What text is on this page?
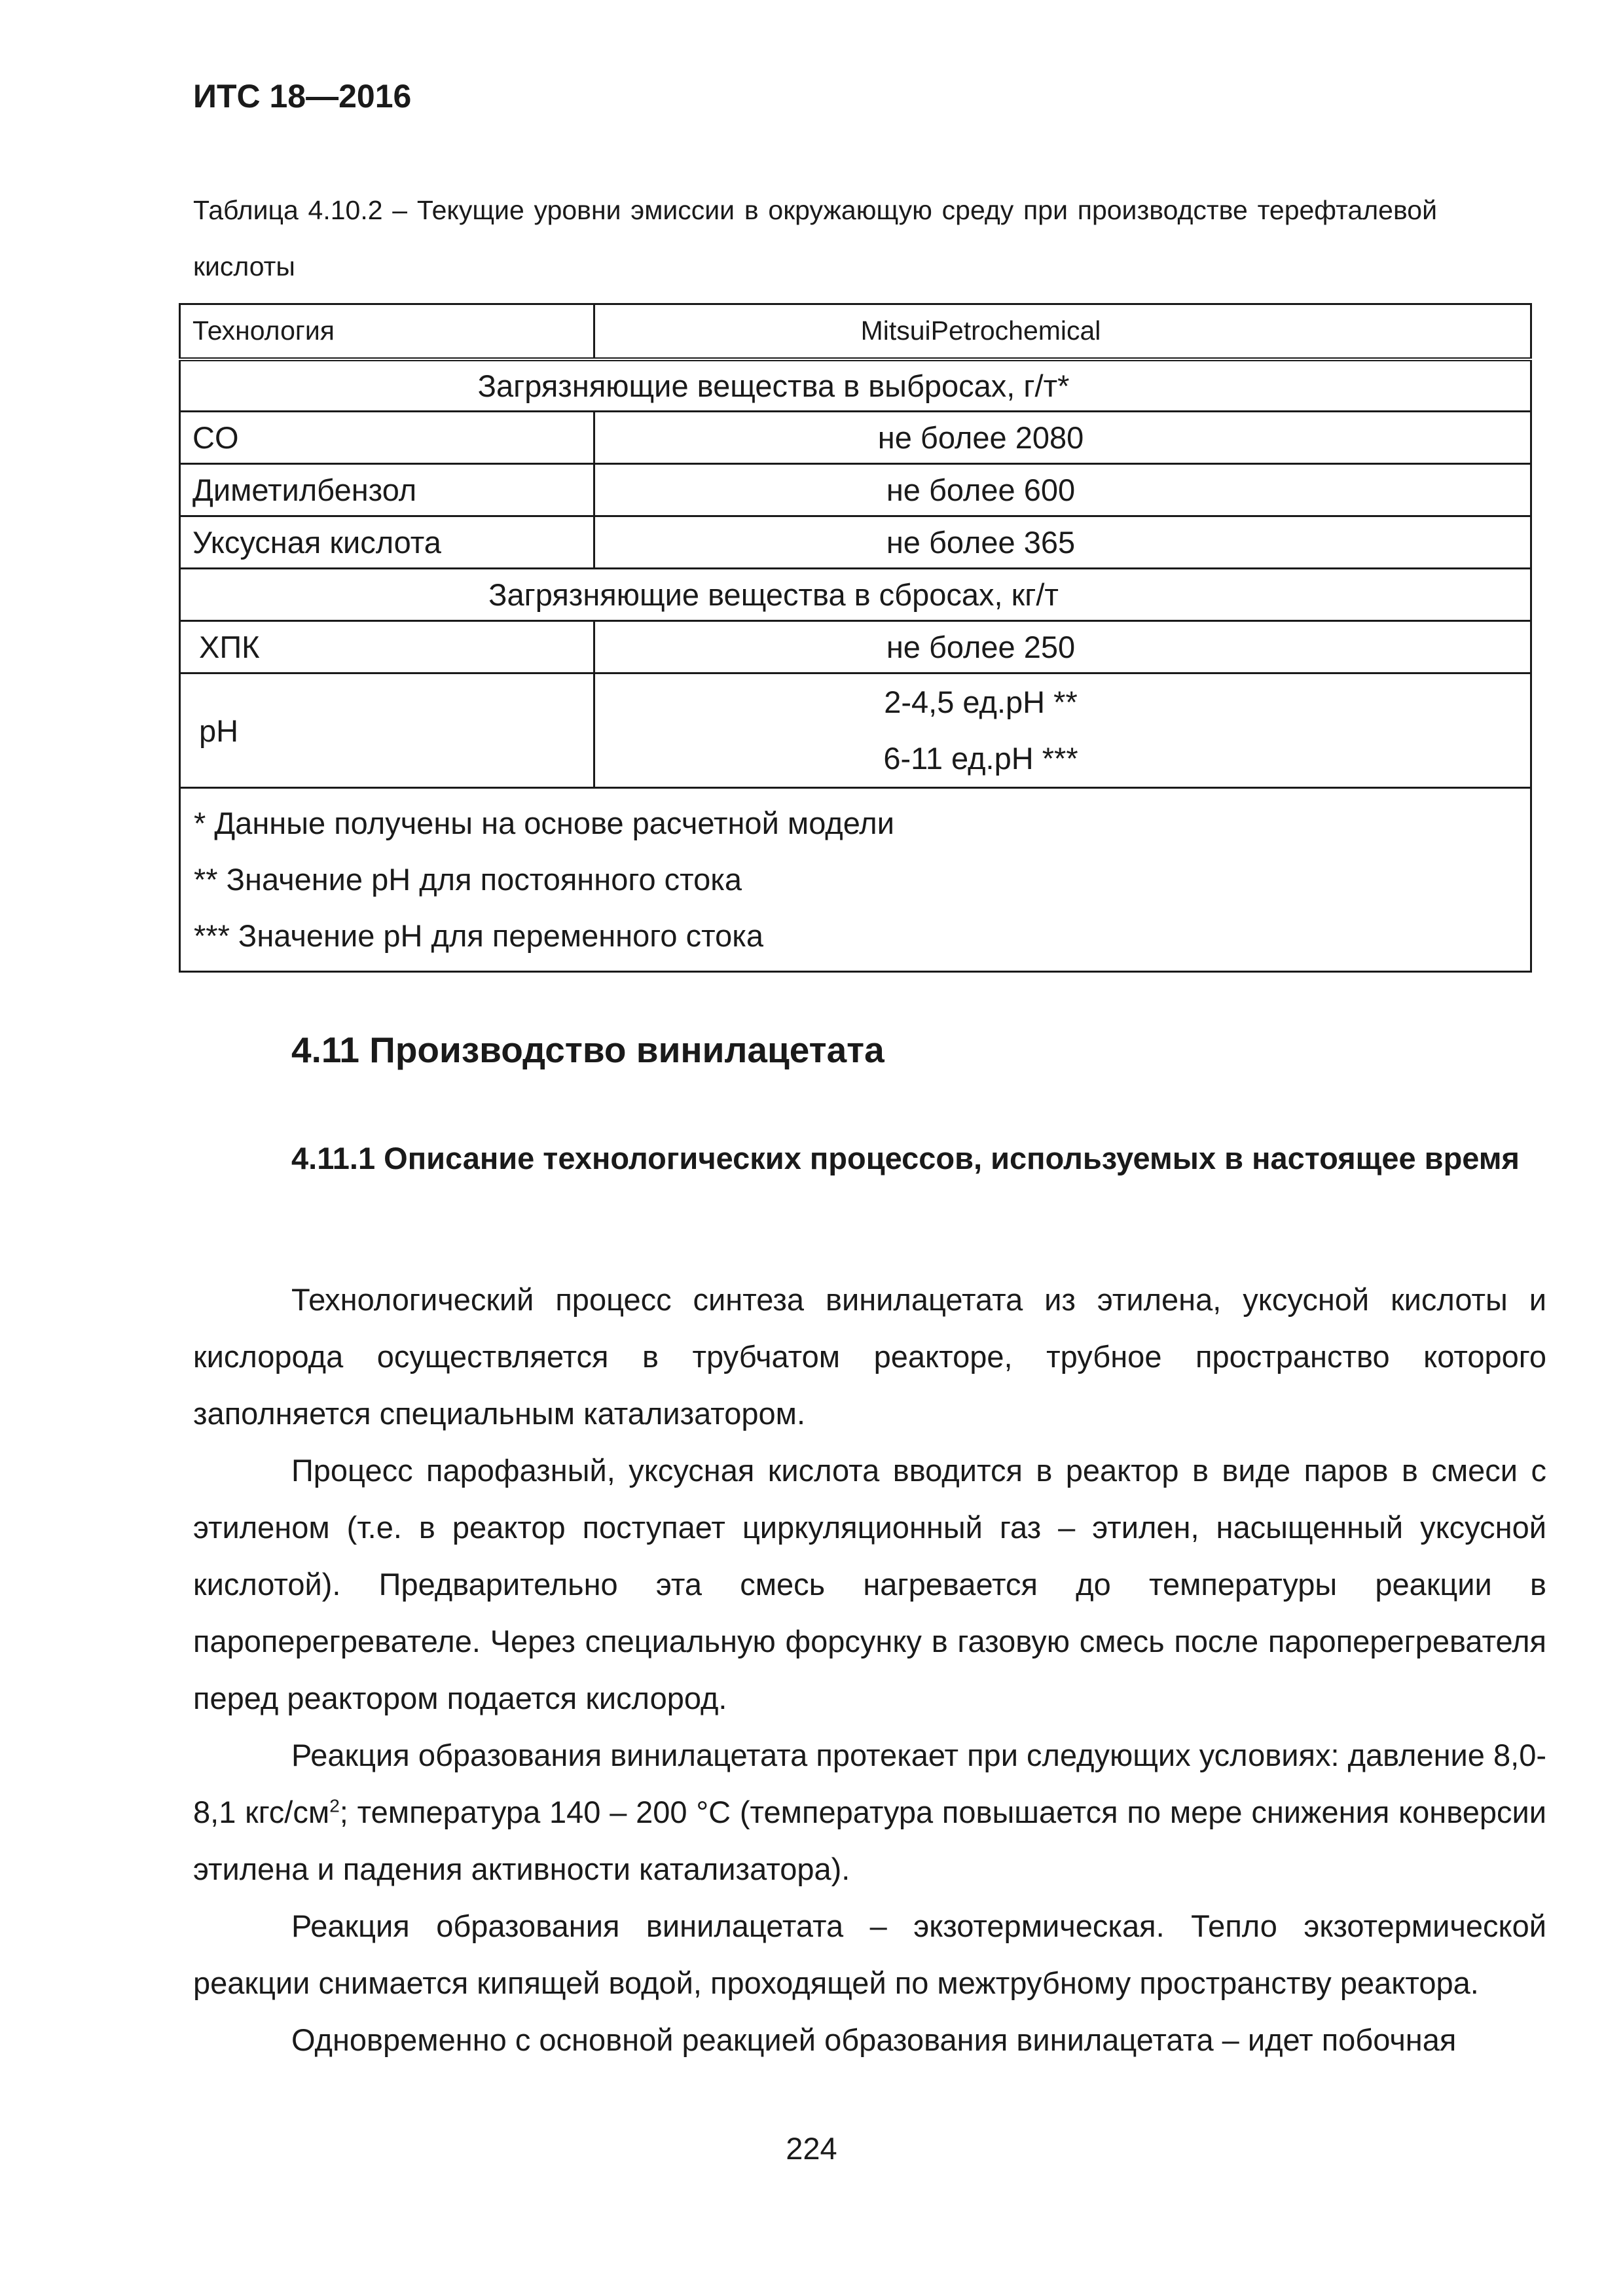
ИТС 18—2016
Таблица 4.10.2 – Текущие уровни эмиссии в окружающую среду при производстве терефталевой кислоты
Технология	MitsuiPetrochemical
Загрязняющие вещества в выбросах, г/т*	
CO	не более 2080
Диметилбензол	не более 600
Уксусная кислота	не более 365
Загрязняющие вещества в сбросах, кг/т	
ХПК	не более 250
pH	2-4,5 ед.pH **
6-11 ед.pH ***

* Данные получены на основе расчетной модели
** Значение pH для постоянного стока
*** Значение pH для переменного стока	
4.11 Производство винилацетата
4.11.1 Описание технологических процессов, используемых в настоящее время

Технологический процесс синтеза винилацетата из этилена, уксусной кислоты и кислорода осуществляется в трубчатом реакторе, трубное пространство которого заполняется специальным катализатором.

Процесс парофазный, уксусная кислота вводится в реактор в виде паров в смеси с этиленом (т.е. в реактор поступает циркуляционный газ – этилен, насыщенный уксусной кислотой). Предварительно эта смесь нагревается до температуры реакции в пароперегревателе. Через специальную форсунку в газовую смесь после пароперегревателя перед реактором подается кислород.

Реакция образования винилацетата протекает при следующих условиях: давление 8,0-8,1 кгс/$см^2$; температура 140 – 200 °С (температура повышается по мере снижения конверсии этилена и падения активности катализатора).

Реакция образования винилацетата – экзотермическая. Тепло экзотермической реакции снимается кипящей водой, проходящей по межтрубному пространству реактора.

Одновременно с основной реакцией образования винилацетата – идет побочная

224
